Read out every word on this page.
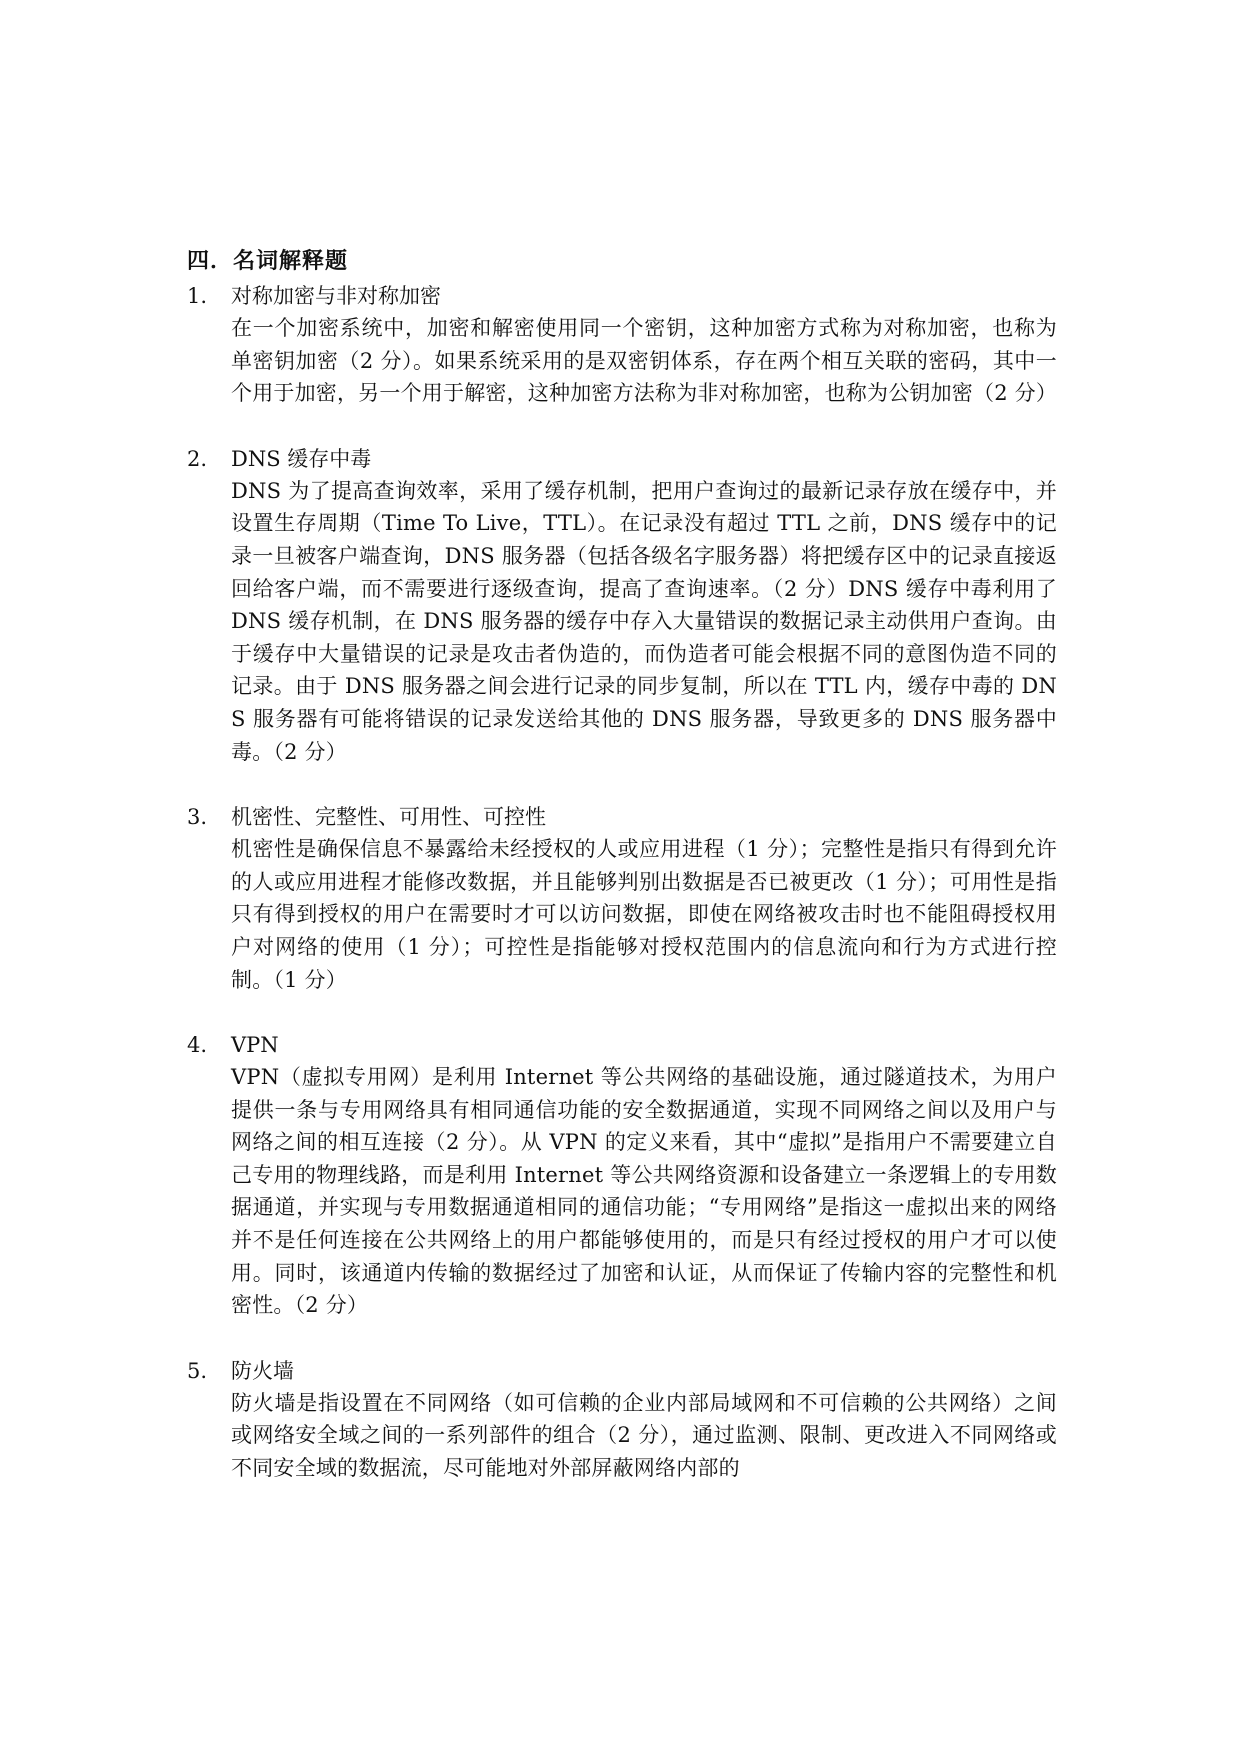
四．名词解释题
1.	对称加密与非对称加密
在一个加密系统中，加密和解密使用同一个密钥，这种加密方式称为对称加密，也称为单密钥加密（2 分）。如果系统采用的是双密钥体系，存在两个相互关联的密码，其中一个用于加密，另一个用于解密，这种加密方法称为非对称加密，也称为公钥加密（2 分）
2.	DNS 缓存中毒
DNS 为了提高查询效率，采用了缓存机制，把用户查询过的最新记录存放在缓存中，并设置生存周期（Time To Live，TTL）。在记录没有超过 TTL 之前，DNS 缓存中的记录一旦被客户端查询，DNS 服务器（包括各级名字服务器）将把缓存区中的记录直接返回给客户端，而不需要进行逐级查询，提高了查询速率。（2 分）DNS 缓存中毒利用了 DNS 缓存机制，在 DNS 服务器的缓存中存入大量错误的数据记录主动供用户查询。由于缓存中大量错误的记录是攻击者伪造的，而伪造者可能会根据不同的意图伪造不同的记录。由于 DNS 服务器之间会进行记录的同步复制，所以在 TTL 内，缓存中毒的 DNS 服务器有可能将错误的记录发送给其他的 DNS 服务器，导致更多的 DNS 服务器中毒。（2 分）
3.	机密性、完整性、可用性、可控性
机密性是确保信息不暴露给未经授权的人或应用进程（1 分）；完整性是指只有得到允许的人或应用进程才能修改数据，并且能够判别出数据是否已被更改（1 分）；可用性是指只有得到授权的用户在需要时才可以访问数据，即使在网络被攻击时也不能阻碍授权用户对网络的使用（1 分）；可控性是指能够对授权范围内的信息流向和行为方式进行控制。（1 分）
4.	VPN
VPN（虚拟专用网）是利用 Internet 等公共网络的基础设施，通过隧道技术，为用户提供一条与专用网络具有相同通信功能的安全数据通道，实现不同网络之间以及用户与网络之间的相互连接（2 分）。从 VPN 的定义来看，其中“虚拟”是指用户不需要建立自己专用的物理线路，而是利用 Internet 等公共网络资源和设备建立一条逻辑上的专用数据通道，并实现与专用数据通道相同的通信功能；“专用网络”是指这一虚拟出来的网络并不是任何连接在公共网络上的用户都能够使用的，而是只有经过授权的用户才可以使用。同时，该通道内传输的数据经过了加密和认证，从而保证了传输内容的完整性和机密性。（2 分）
5.	防火墙
防火墙是指设置在不同网络（如可信赖的企业内部局域网和不可信赖的公共网络）之间或网络安全域之间的一系列部件的组合（2 分），通过监测、限制、更改进入不同网络或不同安全域的数据流，尽可能地对外部屏蔽网络内部的
